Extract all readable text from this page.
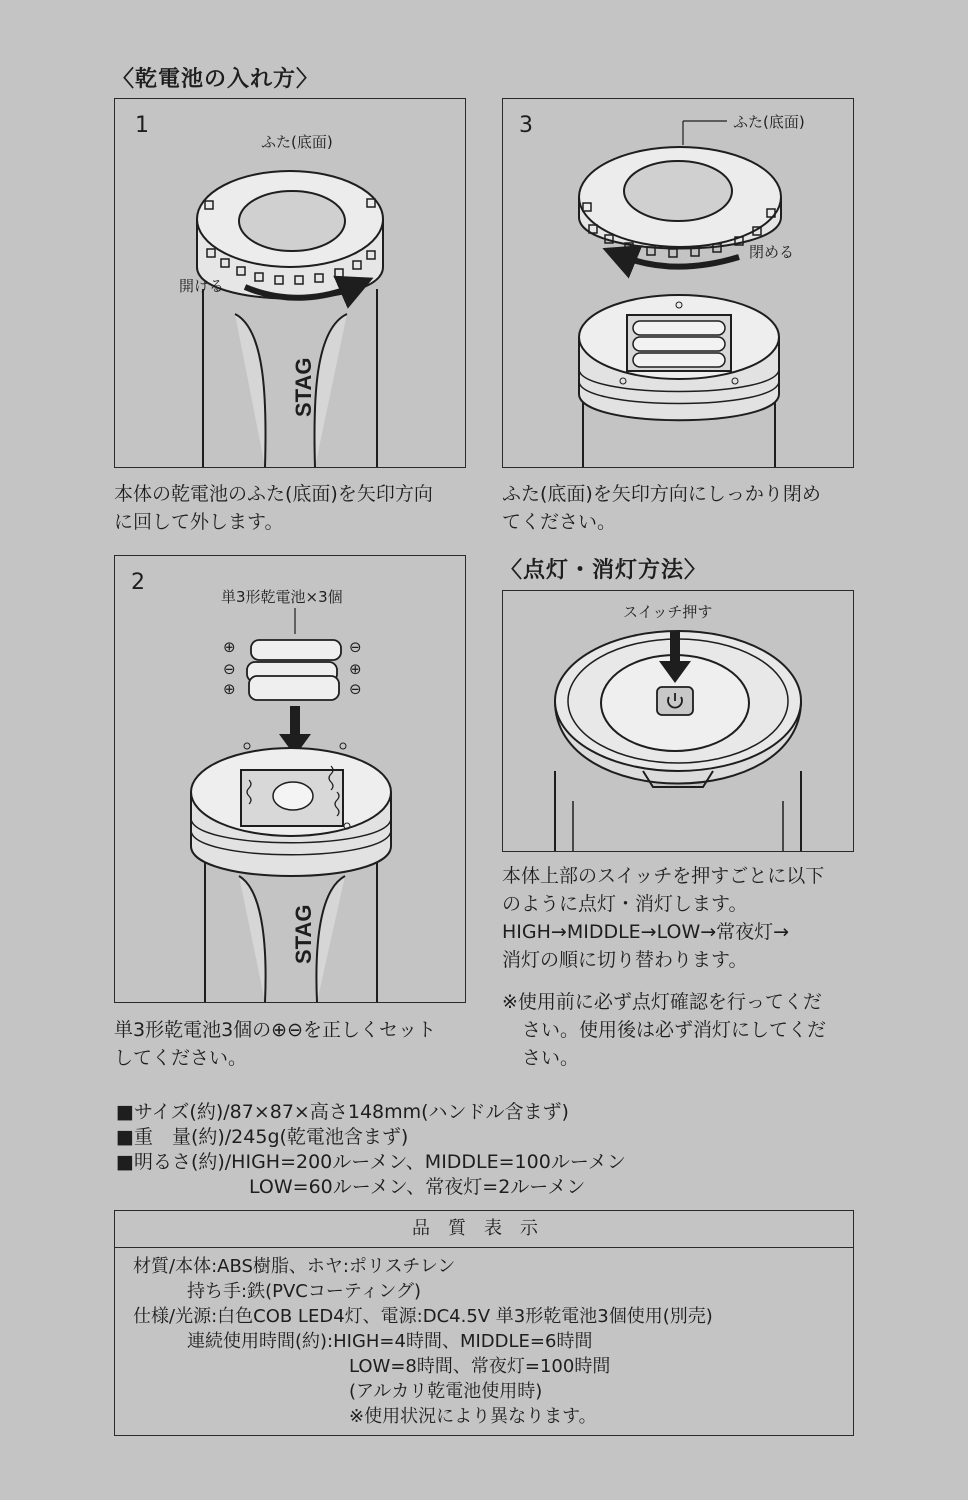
〈乾電池の入れ方〉
STAG
1
ふた(底面)
開ける
本体の乾電池のふた(底面)を矢印方向
に回して外します。
3	ふた(底面)
閉める
ふた(底面)を矢印方向にしっかり閉め
てください。
STAG
2
単3形乾電池×3個
⊕
⊖
⊕
⊖
⊕
⊖
単3形乾電池3個の⊕⊖を正しくセット
してください。
〈点灯・消灯方法〉
スイッチ押す
本体上部のスイッチを押すごとに以下
のように点灯・消灯します。
HIGH→MIDDLE→LOW→常夜灯→
消灯の順に切り替わります。
※使用前に必ず点灯確認を行ってくだ
さい。使用後は必ず消灯にしてくだ
さい。
■サイズ(約)/87×87×高さ148mm(ハンドル含まず)
■重　量(約)/245g(乾電池含まず)
■明るさ(約)/HIGH=200ルーメン、MIDDLE=100ルーメン
　　　　　　　LOW=60ルーメン、常夜灯=2ルーメン
品質表示
材質/本体:ABS樹脂、ホヤ:ポリスチレン
　　　持ち手:鉄(PVCコーティング)
仕様/光源:白色COB LED4灯、電源:DC4.5V 単3形乾電池3個使用(別売)
　　　連続使用時間(約):HIGH=4時間、MIDDLE=6時間
　　　　　　　　　　　　LOW=8時間、常夜灯=100時間
　　　　　　　　　　　　(アルカリ乾電池使用時)
　　　　　　　　　　　　※使用状況により異なります。
